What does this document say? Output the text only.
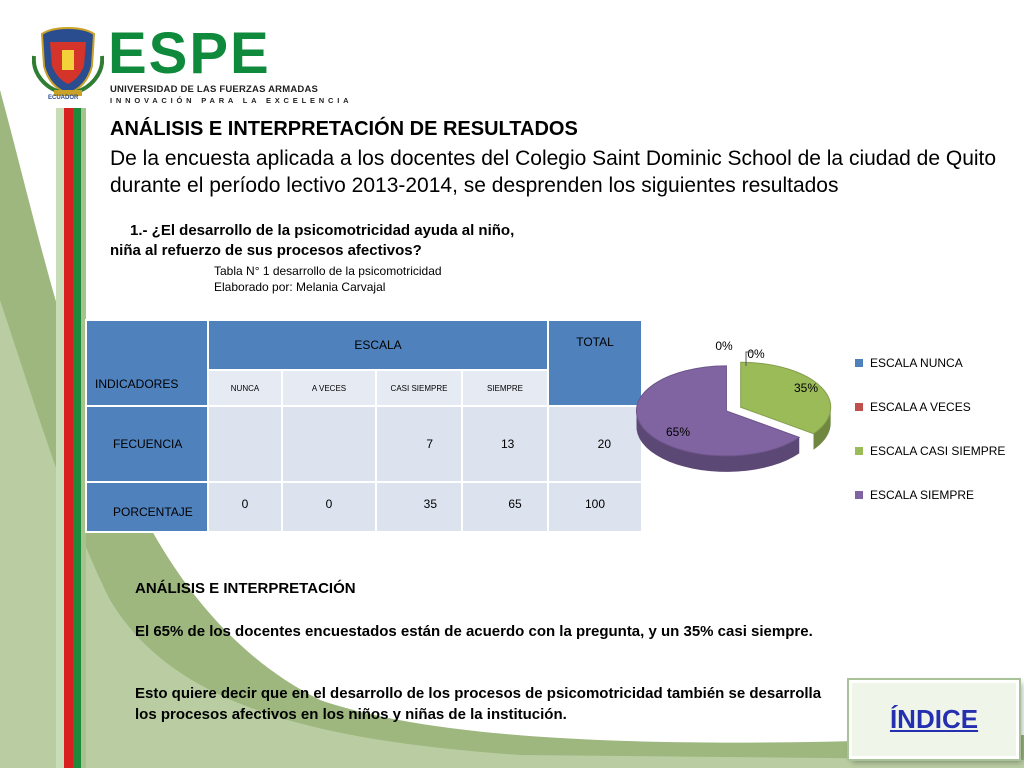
ECUADOR
ESPE
UNIVERSIDAD DE LAS FUERZAS ARMADAS
INNOVACIÓN PARA LA EXCELENCIA
ANÁLISIS E INTERPRETACIÓN DE RESULTADOS
De la encuesta aplicada a los docentes del Colegio Saint Dominic School de la ciudad de Quito durante el período lectivo 2013-2014, se desprenden los siguientes resultados
1.- ¿El desarrollo de la psicomotricidad ayuda al niño, niña al refuerzo de sus procesos afectivos?
Tabla N° 1 desarrollo de la psicomotricidad
Elaborado por: Melania Carvajal
INDICADORES	ESCALA				TOTAL
	NUNCA	A VECES	CASI SIEMPRE	SIEMPRE	
FECUENCIA			7	13	20
PORCENTAJE	0	0	35	65	100
0%
0%
35%
65%
ESCALA NUNCA
ESCALA A VECES
ESCALA CASI SIEMPRE
ESCALA SIEMPRE
ANÁLISIS E INTERPRETACIÓN
El 65% de los docentes encuestados están de acuerdo con la pregunta, y un 35% casi siempre.
Esto quiere decir que en el desarrollo de los procesos de psicomotricidad también se desarrolla los procesos afectivos en los niños y niñas de la institución.	ÍNDICE
